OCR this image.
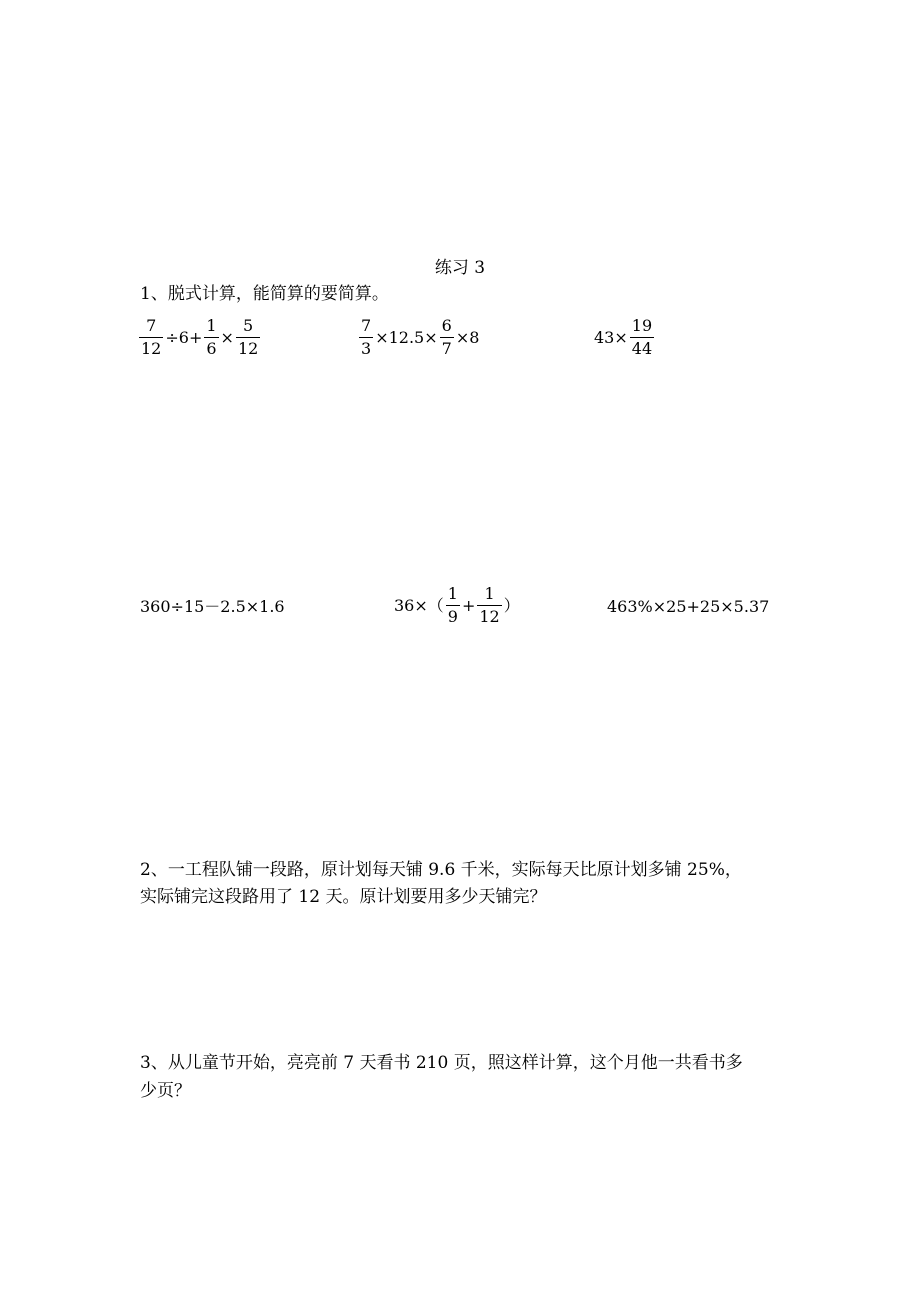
练习 3
1、脱式计算，能简算的要简算。
$\frac{7}{12} \div 6+ \frac{1}{6} \times \frac{5}{12}$	$\frac{7}{3} \times 12.5\times \frac{6}{7} \times 8$	$43\times \frac{19}{44}$
360÷15－2.5×1.6	$36\times( \frac{1}{9} + \frac{1}{12}$ ）	463%×25+25×5.37
2、一工程队铺一段路，原计划每天铺 9.6 千米，实际每天比原计划多铺 25%，
实际铺完这段路用了 12 天。原计划要用多少天铺完？
3、从儿童节开始，亮亮前 7 天看书 210 页，照这样计算，这个月他一共看书多
少页？
